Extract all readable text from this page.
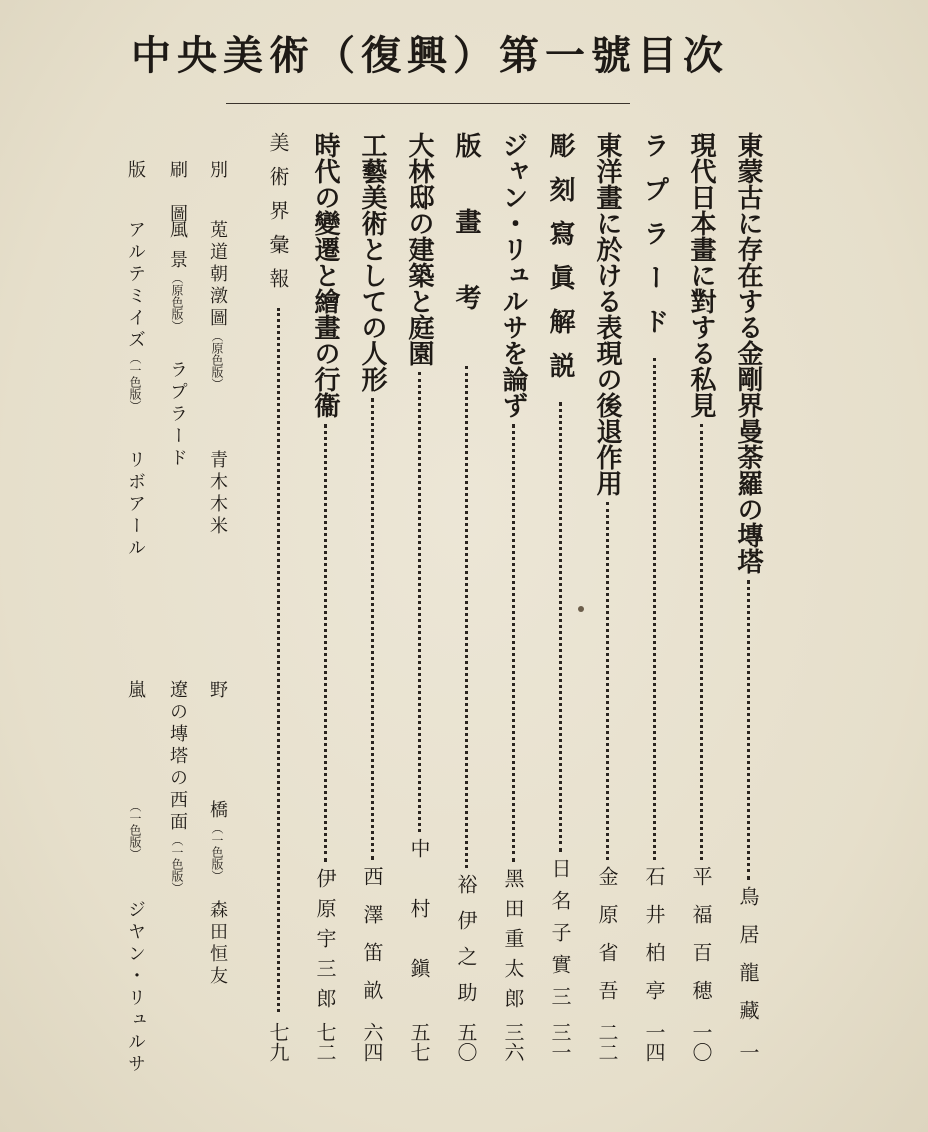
中央美術（復興）第一號目次
東蒙古に存在する金剛界曼荼羅の塼塔
鳥居龍藏
一
現代日本畫に對する私見
平福百穂
一〇
ラプラード
石井柏亭
一四
東洋畫に於ける表現の後退作用
金原省吾
二二
彫刻寫眞解説
日名子實三
三一
ジャン・リュルサを論ず
黑田重太郎
三六
版畫考
裕伊之助
五〇
大林邸の建築と庭園
中村鎭
五七
工藝美術としての人形
西澤笛畝
六四
時代の變遷と繪畫の行衞
伊原宇三郎
七二
美術界彙報
七九
別
莵道朝潡圖（原色版）
青木木米
野
橋（一色版）
森田恒友
刷　圖
風
景（原色版）
ラプラード
遼の塼塔の西面（一色版）
版
アルテミイズ（一色版）
リボアール
嵐
（一色版）
ジヤン・リュルサ
